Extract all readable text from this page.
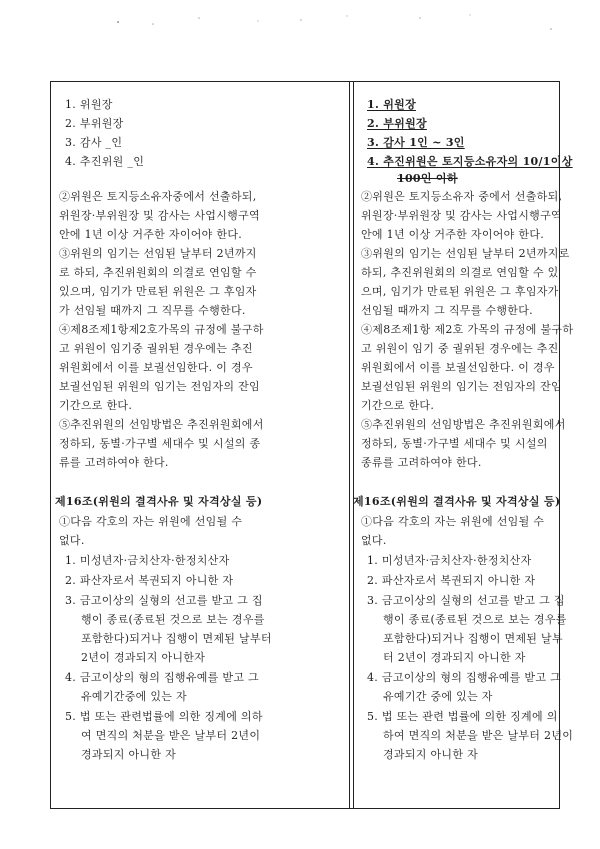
1. 위원장
2. 부위원장
3. 감사 _인
4. 추진위원 _인
②위원은 토지등소유자중에서 선출하되,
위원장·부위원장 및 감사는 사업시행구역
안에 1년 이상 거주한 자이어야 한다.
③위원의 임기는 선임된 날부터 2년까지
로 하되, 추진위원회의 의결로 연임할 수
있으며, 임기가 만료된 위원은 그 후임자
가 선임될 때까지 그 직무를 수행한다.
④제8조제1항제2호가목의 규정에 불구하
고 위원이 임기중 궐위된 경우에는 추진
위원회에서 이를 보궐선임한다. 이 경우
보궐선임된 위원의 임기는 전임자의 잔임
기간으로 한다.
⑤추진위원의 선임방법은 추진위원회에서
정하되, 동별·가구별 세대수 및 시설의 종
류를 고려하여야 한다.
제16조(위원의 결격사유 및 자격상실 등)
①다음 각호의 자는 위원에 선임될 수
없다.
1. 미성년자·금치산자·한정치산자
2. 파산자로서 복권되지 아니한 자
3. 금고이상의 실형의 선고를 받고 그 집
행이 종료(종료된 것으로 보는 경우를
포함한다)되거나 집행이 면제된 날부터
2년이 경과되지 아니한자
4. 금고이상의 형의 집행유예를 받고 그
유예기간중에 있는 자
5. 법 또는 관련법률에 의한 징계에 의하
여 면직의 처분을 받은 날부터 2년이
경과되지 아니한 자
1. 위원장
2. 부위원장
3. 감사 1인 ~ 3인
4. 추진위원은 토지등소유자의 10/1이상
100인 이하
②위원은 토지등소유자 중에서 선출하되,
위원장·부위원장 및 감사는 사업시행구역
안에 1년 이상 거주한 자이어야 한다.
③위원의 임기는 선임된 날부터 2년까지로
하되, 추진위원회의 의결로 연임할 수 있
으며, 임기가 만료된 위원은 그 후임자가
선임될 때까지 그 직무를 수행한다.
④제8조제1항 제2호 가목의 규정에 불구하
고 위원이 임기 중 궐위된 경우에는 추진
위원회에서 이를 보궐선임한다. 이 경우
보궐선임된 위원의 임기는 전임자의 잔임
기간으로 한다.
⑤추진위원의 선임방법은 추진위원회에서
정하되, 동별·가구별 세대수 및 시설의
종류를 고려하여야 한다.
제16조(위원의 결격사유 및 자격상실 등)
①다음 각호의 자는 위원에 선임될 수
없다.
1. 미성년자·금치산자·한정치산자
2. 파산자로서 복권되지 아니한 자
3. 금고이상의 실형의 선고를 받고 그 집
행이 종료(종료된 것으로 보는 경우를
포함한다)되거나 집행이 면제된 날부
터 2년이 경과되지 아니한 자
4. 금고이상의 형의 집행유예를 받고 그
유예기간 중에 있는 자
5. 법 또는 관련 법률에 의한 징계에 의
하여 면직의 처분을 받은 날부터 2년이
경과되지 아니한 자
